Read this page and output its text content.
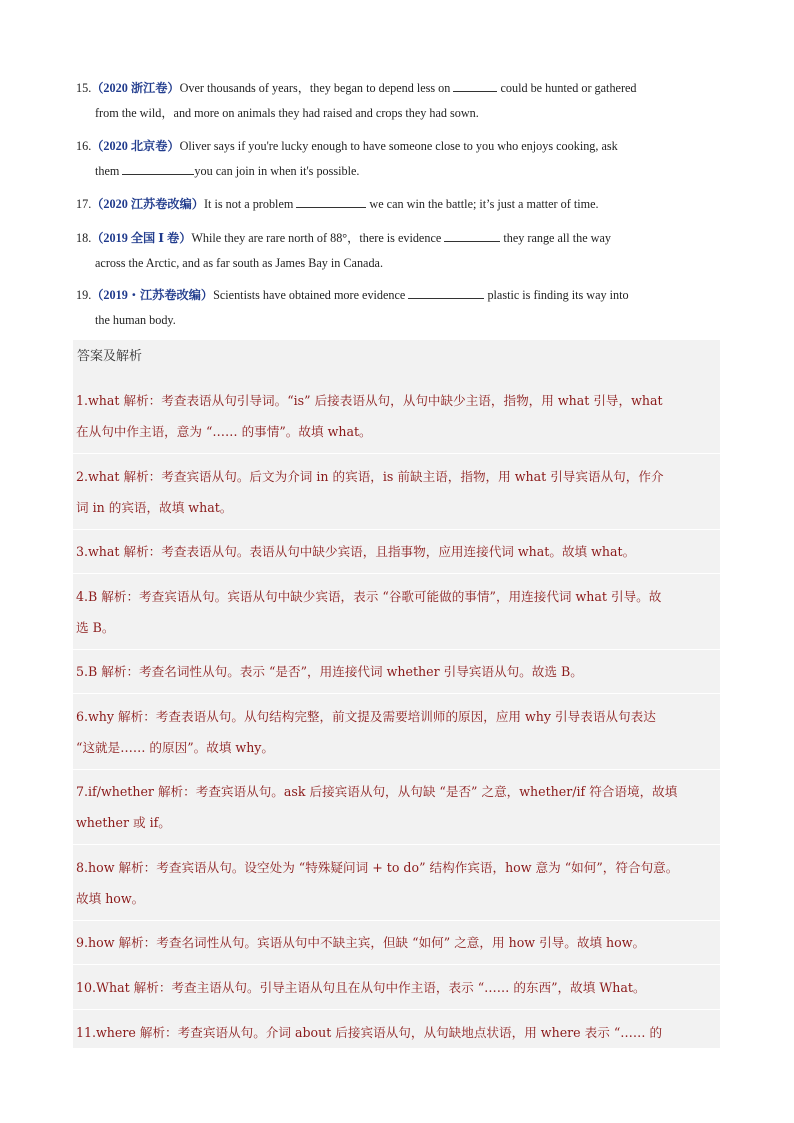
15.（2020 浙江卷）Over thousands of years，they began to depend less on	could be hunted or gathered
from the wild，and more on animals they had raised and crops they had sown.
16.（2020 北京卷）Oliver says if you're lucky enough to have someone close to you who enjoys cooking, ask
them	you can join in when it's possible.
17.（2020 江苏卷改编）It is not a problem	we can win the battle; it’s just a matter of time.
18.（2019 全国 Ⅰ 卷）While they are rare north of 88°，there is evidence	they range all the way
across the Arctic, and as far south as James Bay in Canada.
19.（2019・江苏卷改编）Scientists have obtained more evidence	plastic is finding its way into
the human body.
答案及解析
1.what 解析：考查表语从句引导词。“is” 后接表语从句，从句中缺少主语，指物，用 what 引导，what
在从句中作主语，意为 “…… 的事情”。故填 what。
2.what 解析：考查宾语从句。后文为介词 in 的宾语，is 前缺主语，指物，用 what 引导宾语从句，作介
词 in 的宾语，故填 what。
3.what 解析：考查表语从句。表语从句中缺少宾语，且指事物，应用连接代词 what。故填 what。
4.B 解析：考查宾语从句。宾语从句中缺少宾语，表示 “谷歌可能做的事情”，用连接代词 what 引导。故
选 B。
5.B 解析：考查名词性从句。表示 “是否”，用连接代词 whether 引导宾语从句。故选 B。
6.why 解析：考查表语从句。从句结构完整，前文提及需要培训师的原因，应用 why 引导表语从句表达
“这就是…… 的原因”。故填 why。
7.if/whether 解析：考查宾语从句。ask 后接宾语从句，从句缺 “是否” 之意，whether/if 符合语境，故填
whether 或 if。
8.how 解析：考查宾语从句。设空处为 “特殊疑问词 + to do” 结构作宾语，how 意为 “如何”，符合句意。
故填 how。
9.how 解析：考查名词性从句。宾语从句中不缺主宾，但缺 “如何” 之意，用 how 引导。故填 how。
10.What 解析：考查主语从句。引导主语从句且在从句中作主语，表示 “…… 的东西”，故填 What。
11.where 解析：考查宾语从句。介词 about 后接宾语从句，从句缺地点状语，用 where 表示 “…… 的
